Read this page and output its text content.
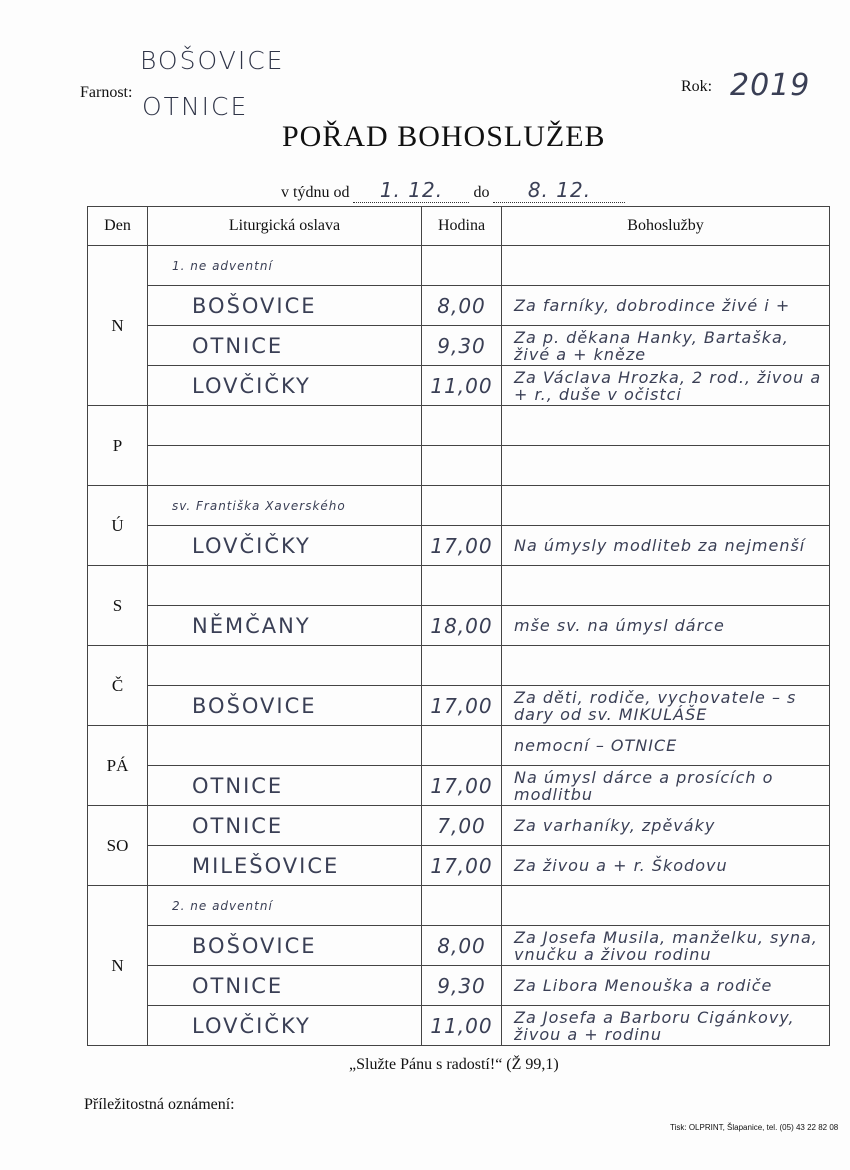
Farnost:
BOŠOVICE
OTNICE
Rok: 2019
POŘAD BOHOSLUŽEB
v týdnu od 1. 12. do 8. 12.
Den	Liturgická oslava	Hodina	Bohoslužby
N	1. ne adventní		
	BOŠOVICE	8,00	Za farníky, dobrodince živé i +
	OTNICE	9,30	Za p. děkana Hanky, Bartaška, živé a + kněze
	LOVČIČKY	11,00	Za Václava Hrozka, 2 rod., živou a + r., duše v očistci
P			

Ú	sv. Františka Xaverského		
	LOVČIČKY	17,00	Na úmysly modliteb za nejmenší
S			
	NĚMČANY	18,00	mše sv. na úmysl dárce
Č			
	BOŠOVICE	17,00	Za děti, rodiče, vychovatele – s dary od sv. MIKULÁŠE
PÁ			nemocní – OTNICE
	OTNICE	17,00	Na úmysl dárce a prosících o modlitbu
SO	OTNICE	7,00	Za varhaníky, zpěváky
	MILEŠOVICE	17,00	Za živou a + r. Škodovu
N	2. ne adventní		
	BOŠOVICE	8,00	Za Josefa Musila, manželku, syna, vnučku a živou rodinu
	OTNICE	9,30	Za Libora Menouška a rodiče
	LOVČIČKY	11,00	Za Josefa a Barboru Cigánkovy, živou a + rodinu
„Služte Pánu s radostí!“ (Ž 99,1)
Příležitostná oznámení:
Tisk: OLPRINT, Šlapanice, tel. (05) 43 22 82 08
